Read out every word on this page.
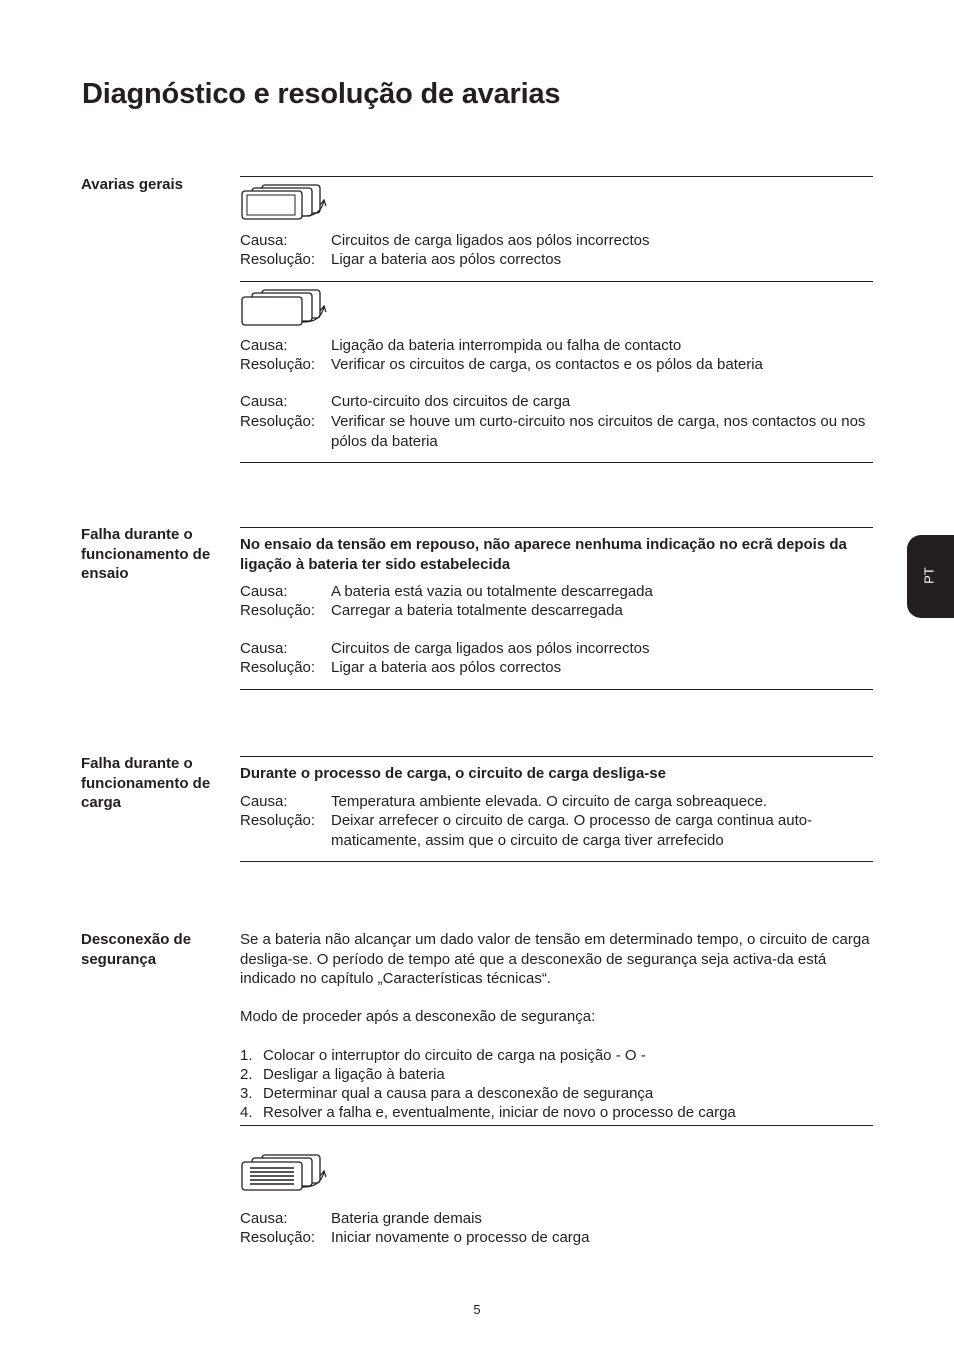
Diagnóstico e resolução de avarias
Avarias gerais
Causa:	Circuitos de carga ligados aos pólos incorrectos
Resolução: Ligar a bateria aos pólos correctos
Causa:	Ligação da bateria interrompida ou falha de contacto
Resolução: Verificar os circuitos de carga, os contactos e os pólos da bateria
Causa:	Curto-circuito dos circuitos de carga
Resolução: Verificar se houve um curto-circuito nos circuitos de carga, nos contactos ou nos pólos da bateria
Falha durante o funcionamento de ensaio
No ensaio da tensão em repouso, não aparece nenhuma indicação no ecrã depois da ligação à bateria ter sido estabelecida
Causa:	A bateria está vazia ou totalmente descarregada
Resolução: Carregar a bateria totalmente descarregada
Causa:	Circuitos de carga ligados aos pólos incorrectos
Resolução: Ligar a bateria aos pólos correctos
Falha durante o funcionamento de carga
Durante o processo de carga, o circuito de carga desliga-se
Causa:	Temperatura ambiente elevada. O circuito de carga sobreaquece.
Resolução: Deixar arrefecer o circuito de carga. O processo de carga continua auto-maticamente, assim que o circuito de carga tiver arrefecido
Desconexão de segurança
Se a bateria não alcançar um dado valor de tensão em determinado tempo, o circuito de carga desliga-se. O período de tempo até que a desconexão de segurança seja activa-da está indicado no capítulo „Características técnicas“.
Modo de proceder após a desconexão de segurança:
1. Colocar o interruptor do circuito de carga na posição - O -
2. Desligar a ligação à bateria
3. Determinar qual a causa para a desconexão de segurança
4. Resolver a falha e, eventualmente, iniciar de novo o processo de carga
Causa:	Bateria grande demais
Resolução: Iniciar novamente o processo de carga
PT
5
